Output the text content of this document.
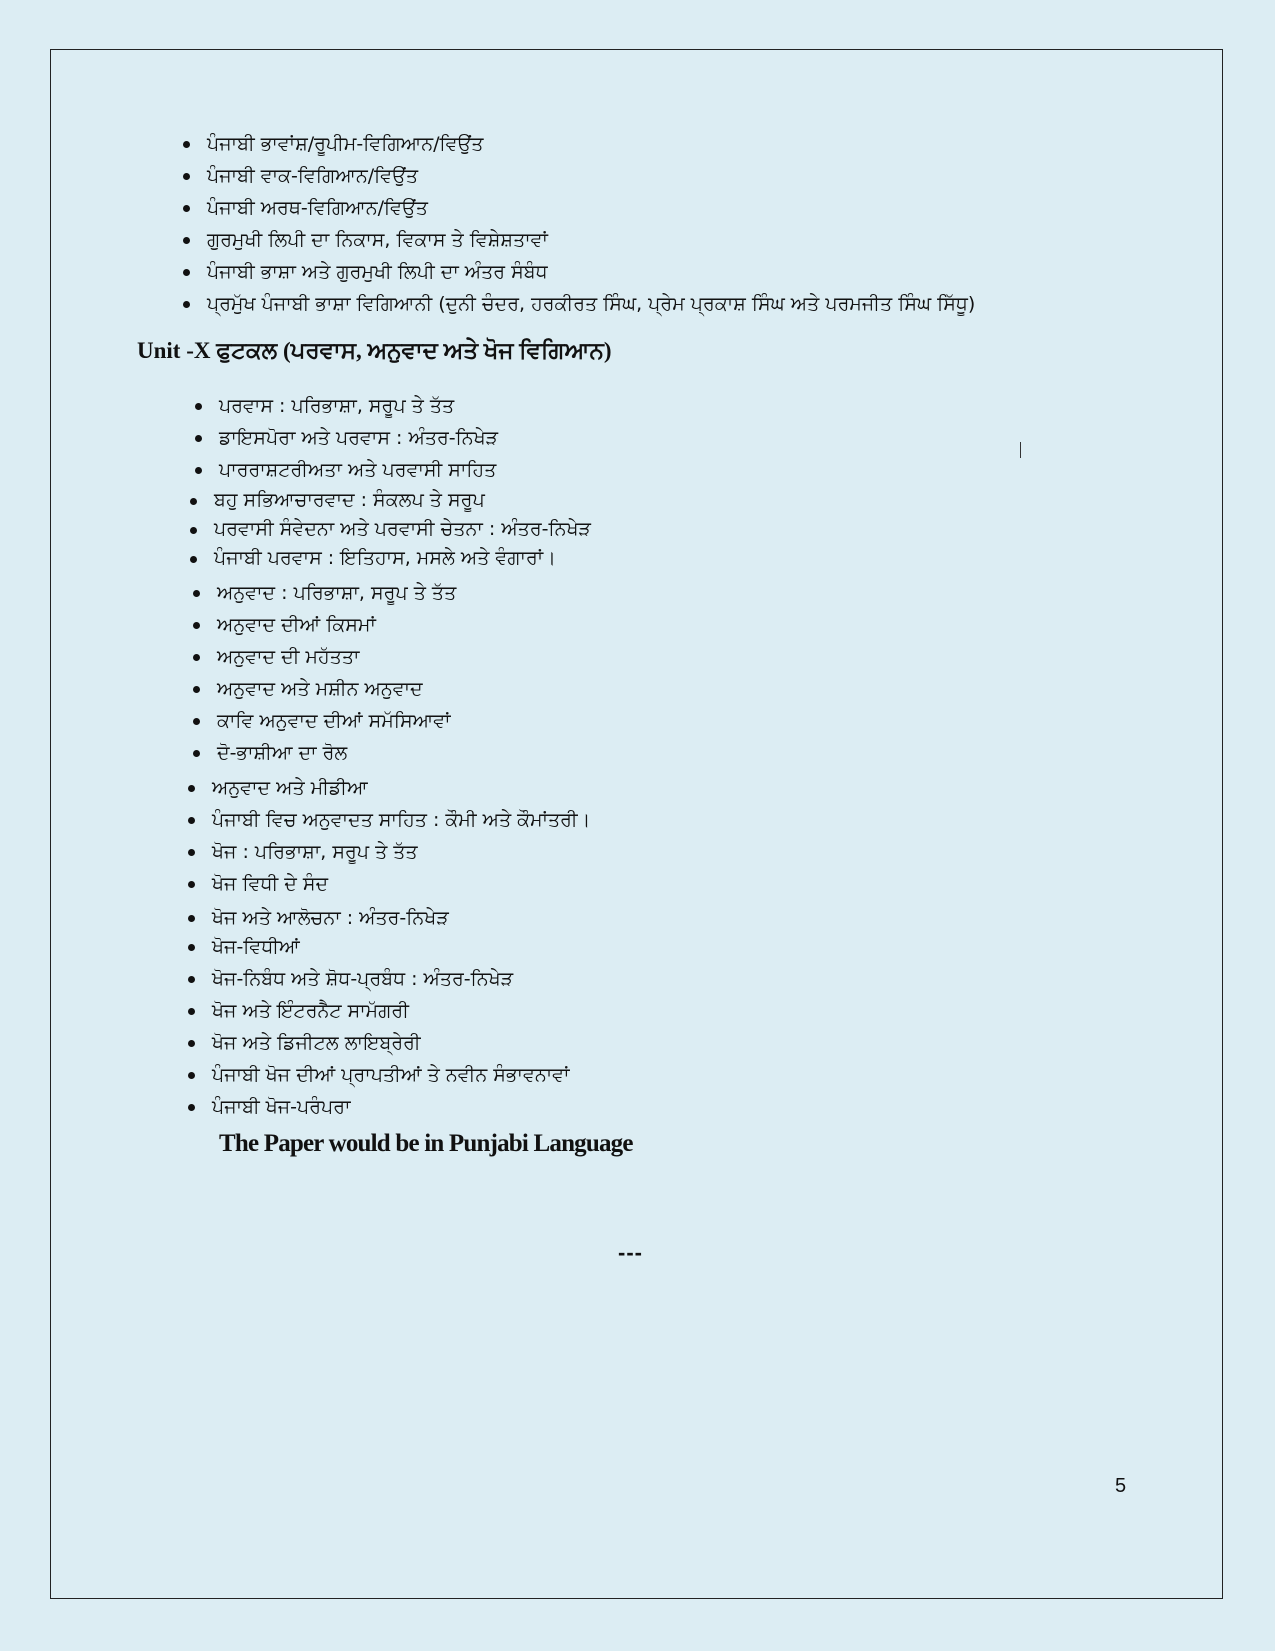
ਪੰਜਾਬੀ ਭਾਵਾਂਸ਼/ਰੂਪੀਮ-ਵਿਗਿਆਨ/ਵਿਉਂਤ
ਪੰਜਾਬੀ ਵਾਕ-ਵਿਗਿਆਨ/ਵਿਉਂਤ
ਪੰਜਾਬੀ ਅਰਥ-ਵਿਗਿਆਨ/ਵਿਉਂਤ
ਗੁਰਮੁਖੀ ਲਿਪੀ ਦਾ ਨਿਕਾਸ, ਵਿਕਾਸ ਤੇ ਵਿਸ਼ੇਸ਼ਤਾਵਾਂ
ਪੰਜਾਬੀ ਭਾਸ਼ਾ ਅਤੇ ਗੁਰਮੁਖੀ ਲਿਪੀ ਦਾ ਅੰਤਰ ਸੰਬੰਧ
ਪ੍ਰਮੁੱਖ ਪੰਜਾਬੀ ਭਾਸ਼ਾ ਵਿਗਿਆਨੀ (ਦੁਨੀ ਚੰਦਰ, ਹਰਕੀਰਤ ਸਿੰਘ, ਪ੍ਰੇਮ ਪ੍ਰਕਾਸ਼ ਸਿੰਘ ਅਤੇ ਪਰਮਜੀਤ ਸਿੰਘ ਸਿੱਧੂ)
Unit -X ਫੁਟਕਲ (ਪਰਵਾਸ, ਅਨੁਵਾਦ ਅਤੇ ਖੋਜ ਵਿਗਿਆਨ)
ਪਰਵਾਸ : ਪਰਿਭਾਸ਼ਾ, ਸਰੂਪ ਤੇ ਤੱਤ
ਡਾਇਸਪੋਰਾ ਅਤੇ ਪਰਵਾਸ : ਅੰਤਰ-ਨਿਖੇੜ
ਪਾਰਰਾਸ਼ਟਰੀਅਤਾ ਅਤੇ ਪਰਵਾਸੀ ਸਾਹਿਤ
ਬਹੁ ਸਭਿਆਚਾਰਵਾਦ : ਸੰਕਲਪ ਤੇ ਸਰੂਪ
ਪਰਵਾਸੀ ਸੰਵੇਦਨਾ ਅਤੇ ਪਰਵਾਸੀ ਚੇਤਨਾ : ਅੰਤਰ-ਨਿਖੇੜ
ਪੰਜਾਬੀ ਪਰਵਾਸ : ਇਤਿਹਾਸ, ਮਸਲੇ ਅਤੇ ਵੰਗਾਰਾਂ।
ਅਨੁਵਾਦ : ਪਰਿਭਾਸ਼ਾ, ਸਰੂਪ ਤੇ ਤੱਤ
ਅਨੁਵਾਦ ਦੀਆਂ ਕਿਸਮਾਂ
ਅਨੁਵਾਦ ਦੀ ਮਹੱਤਤਾ
ਅਨੁਵਾਦ ਅਤੇ ਮਸ਼ੀਨ ਅਨੁਵਾਦ
ਕਾਵਿ ਅਨੁਵਾਦ ਦੀਆਂ ਸਮੱਸਿਆਵਾਂ
ਦੋ-ਭਾਸ਼ੀਆ ਦਾ ਰੋਲ
ਅਨੁਵਾਦ ਅਤੇ ਮੀਡੀਆ
ਪੰਜਾਬੀ ਵਿਚ ਅਨੁਵਾਦਤ ਸਾਹਿਤ : ਕੌਮੀ ਅਤੇ ਕੌਮਾਂਤਰੀ।
ਖੋਜ : ਪਰਿਭਾਸ਼ਾ, ਸਰੂਪ ਤੇ ਤੱਤ
ਖੋਜ ਵਿਧੀ ਦੇ ਸੰਦ
ਖੋਜ ਅਤੇ ਆਲੋਚਨਾ : ਅੰਤਰ-ਨਿਖੇੜ
ਖੋਜ-ਵਿਧੀਆਂ
ਖੋਜ-ਨਿਬੰਧ ਅਤੇ ਸ਼ੋਧ-ਪ੍ਰਬੰਧ : ਅੰਤਰ-ਨਿਖੇੜ
ਖੋਜ ਅਤੇ ਇੰਟਰਨੈਟ ਸਾਮੱਗਰੀ
ਖੋਜ ਅਤੇ ਡਿਜੀਟਲ ਲਾਇਬ੍ਰੇਰੀ
ਪੰਜਾਬੀ ਖੋਜ ਦੀਆਂ ਪ੍ਰਾਪਤੀਆਂ ਤੇ ਨਵੀਨ ਸੰਭਾਵਨਾਵਾਂ
ਪੰਜਾਬੀ ਖੋਜ-ਪਰੰਪਰਾ
The Paper would be in Punjabi Language
---
5
